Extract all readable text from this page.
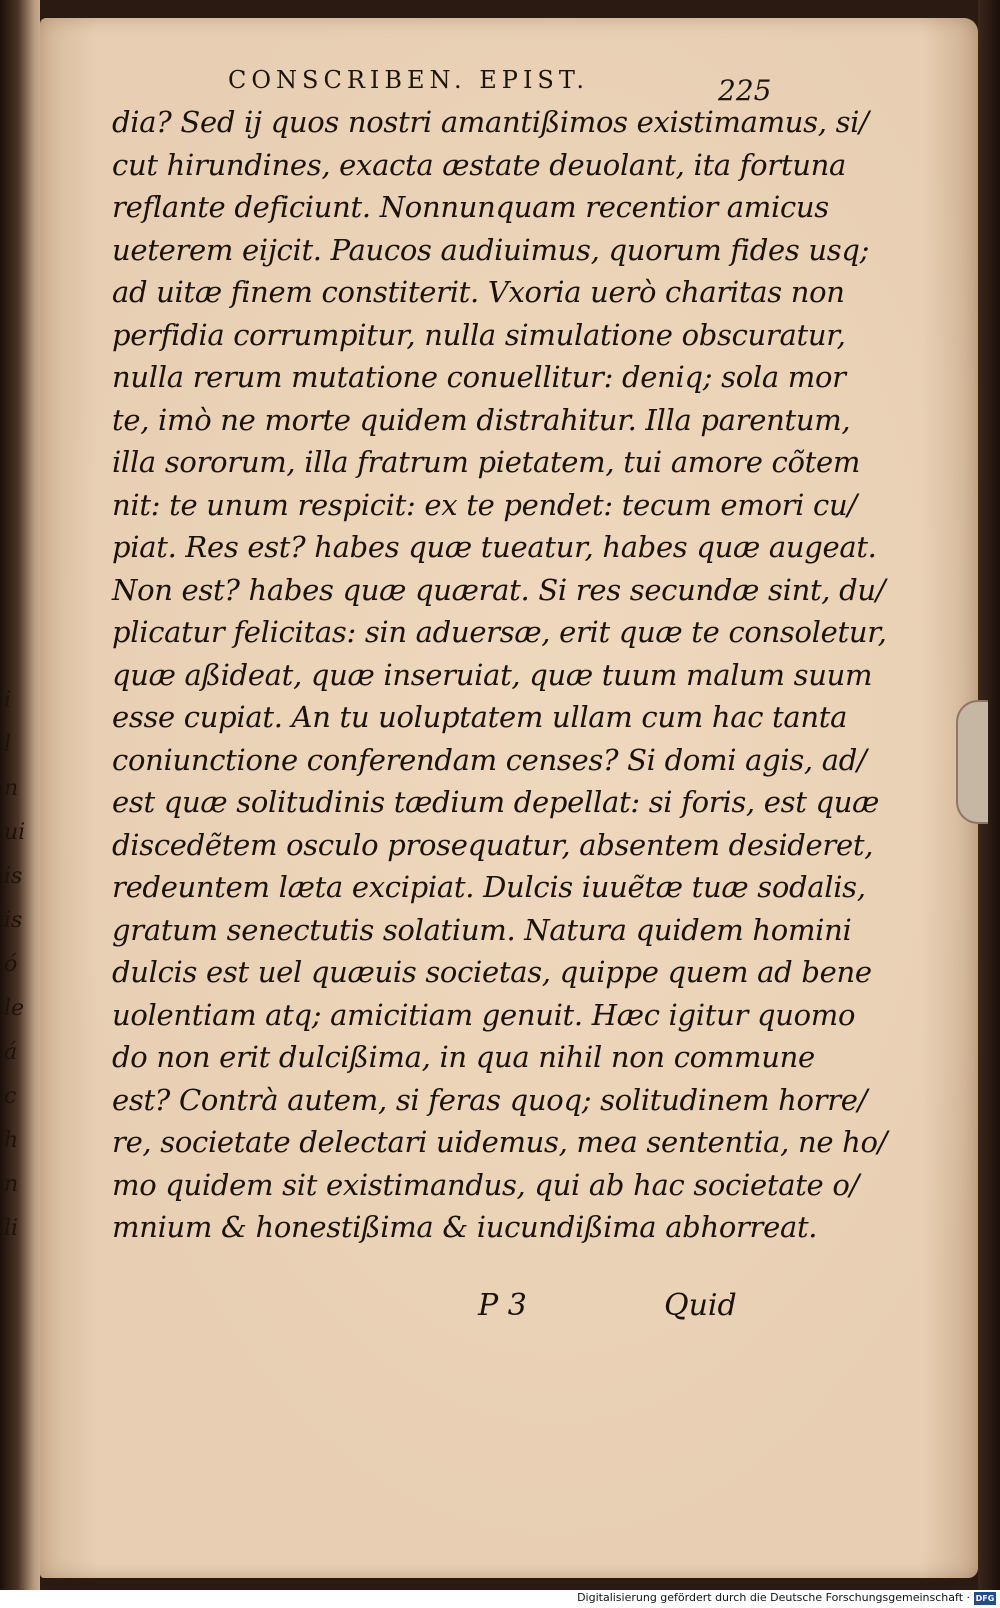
i
l
n
ui
is
is
ó
le
á
c
h
n
li
CONSCRIBEN. EPIST.	225
dia? Sed ij quos nostri amantißimos existimamus, si/
cut hirundines, exacta æstate deuolant, ita fortuna
reflante deficiunt. Nonnunquam recentior amicus
ueterem eijcit. Paucos audiuimus, quorum fides usq;
ad uitæ finem constiterit. Vxoria uerò charitas non
perfidia corrumpitur, nulla simulatione obscuratur,
nulla rerum mutatione conuellitur: deniq; sola mor
te, imò ne morte quidem distrahitur. Illa parentum,
illa sororum, illa fratrum pietatem, tui amore cõtem
nit: te unum respicit: ex te pendet: tecum emori cu/
piat. Res est? habes quæ tueatur, habes quæ augeat.
Non est? habes quæ quærat. Si res secundæ sint, du/
plicatur felicitas: sin aduersæ, erit quæ te consoletur,
quæ aßideat, quæ inseruiat, quæ tuum malum suum
esse cupiat. An tu uoluptatem ullam cum hac tanta
coniunctione conferendam censes? Si domi agis, ad/
est quæ solitudinis tædium depellat: si foris, est quæ
discedẽtem osculo prosequatur, absentem desideret,
redeuntem læta excipiat. Dulcis iuuẽtæ tuæ sodalis,
gratum senectutis solatium. Natura quidem homini
dulcis est uel quæuis societas, quippe quem ad bene
uolentiam atq; amicitiam genuit. Hæc igitur quomo
do non erit dulcißima, in qua nihil non commune
est? Contrà autem, si feras quoq; solitudinem horre/
re, societate delectari uidemus, mea sententia, ne ho/
mo quidem sit existimandus, qui ab hac societate o/
mnium & honestißima & iucundißima abhorreat.
P 3	Quid
Digitalisierung gefördert durch die Deutsche Forschungsgemeinschaft · DFG
